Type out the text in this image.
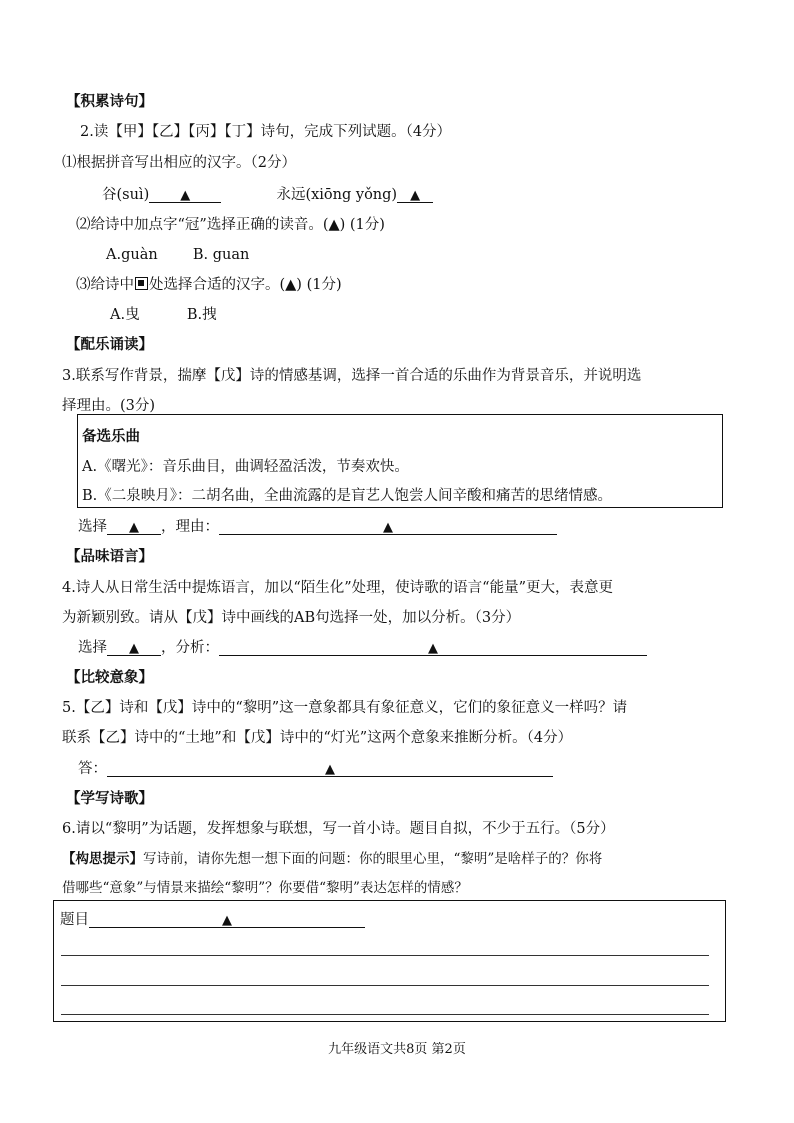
【积累诗句】
2.读【甲】【乙】【丙】【丁】诗句，完成下列试题。（4分）
⑴根据拼音写出相应的汉字。（2分）
谷(suì) ▲	永远(xiōng yǒng) ▲
⑵给诗中加点字“冠”选择正确的读音。(▲) (1分)
A.guàn B. guan
⑶给诗中 处选择合适的汉字。(▲) (1分)
A.曳	B.拽
【配乐诵读】
3.联系写作背景，揣摩【戊】诗的情感基调，选择一首合适的乐曲作为背景音乐，并说明选
择理由。(3分)
备选乐曲
A.《曙光》：音乐曲目，曲调轻盈活泼，节奏欢快。
B.《二泉映月》：二胡名曲，全曲流露的是盲艺人饱尝人间辛酸和痛苦的思绪情感。
选择 ▲ ，理由：	▲
【品味语言】
4.诗人从日常生活中提炼语言，加以“陌生化”处理，使诗歌的语言“能量”更大，表意更
为新颖别致。请从【戊】诗中画线的AB句选择一处，加以分析。（3分）
选择 ▲ ，分析：	▲
【比较意象】
5.【乙】诗和【戊】诗中的“黎明”这一意象都具有象征意义，它们的象征意义一样吗？请
联系【乙】诗中的“土地”和【戊】诗中的“灯光”这两个意象来推断分析。（4分）
答：	▲
【学写诗歌】
6.请以“黎明”为话题，发挥想象与联想，写一首小诗。题目自拟，不少于五行。（5分）
【构思提示】写诗前，请你先想一想下面的问题：你的眼里心里，“黎明”是啥样子的？你将
借哪些“意象”与情景来描绘“黎明”？你要借“黎明”表达怎样的情感？
题目	▲
九年级语文共8页 第2页
